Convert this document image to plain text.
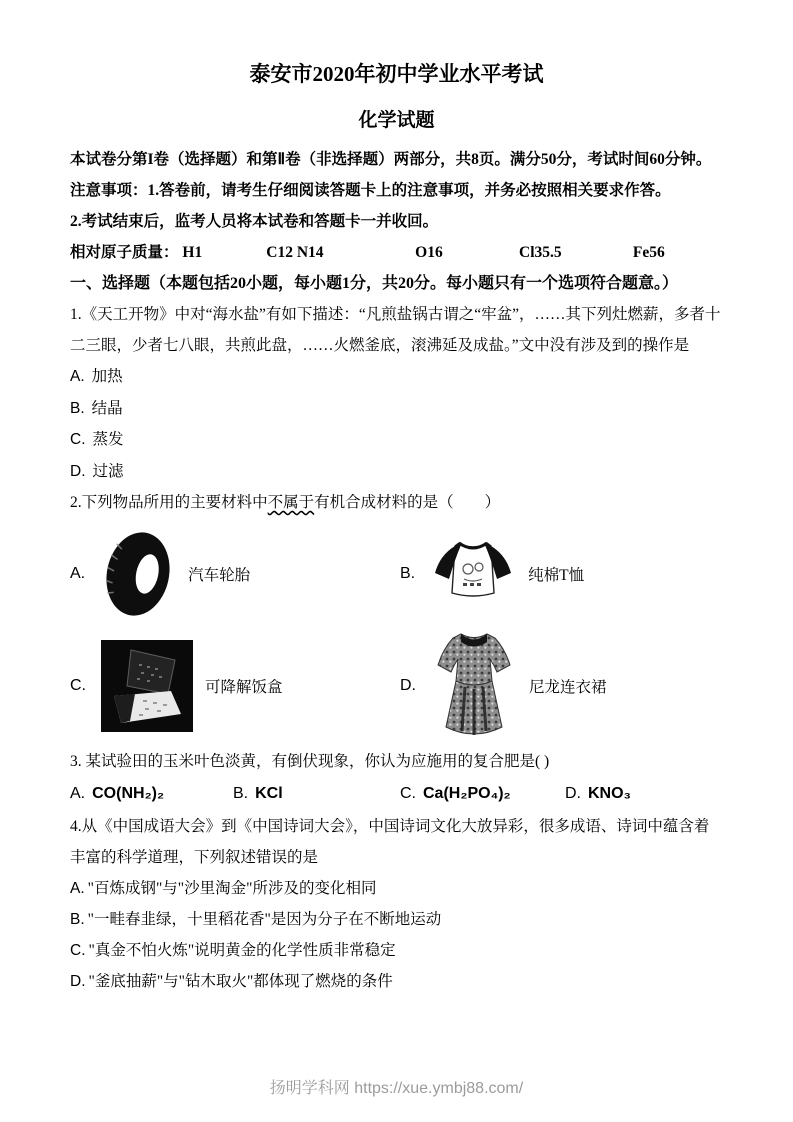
泰安市2020年初中学业水平考试
化学试题

本试卷分第I卷（选择题）和第Ⅱ卷（非选择题）两部分，共8页。满分50分，考试时间60分钟。

注意事项：1.答卷前，请考生仔细阅读答题卡上的注意事项，并务必按照相关要求作答。

2.考试结束后，监考人员将本试卷和答题卡一并收回。

相对原子质量： H1	C12 N14	O16	Cl35.5	Fe56

一、选择题（本题包括20小题，每小题1分，共20分。每小题只有一个选项符合题意。）

1.《天工开物》中对“海水盐”有如下描述：“凡煎盐锅古谓之“牢盆”，……其下列灶燃薪，多者十二三眼，少者七八眼，共煎此盘，……火燃釜底，滚沸延及成盐。”文中没有涉及到的操作是

A. 加热

B. 结晶

C. 蒸发

D. 过滤

2.下列物品所用的主要材料中不属于有机合成材料的是（　　）

A.	汽车轮胎	B.	纯棉T恤
C.	可降解饭盒	D.	尼龙连衣裙

3. 某试验田的玉米叶色淡黄，有倒伏现象，你认为应施用的复合肥是( )

A. CO(NH₂)₂	B. KCl	C. Ca(H₂PO₄)₂	D. KNO₃

4.从《中国成语大会》到《中国诗词大会》，中国诗词文化大放异彩，很多成语、诗词中蕴含着丰富的科学道理，下列叙述错误的是

A. "百炼成钢"与"沙里淘金"所涉及的变化相同

B. "一畦春韭绿，十里稻花香"是因为分子在不断地运动

C. "真金不怕火炼"说明黄金的化学性质非常稳定

D. "釜底抽薪"与"钻木取火"都体现了燃烧的条件

扬明学科网 https://xue.ymbj88.com/
